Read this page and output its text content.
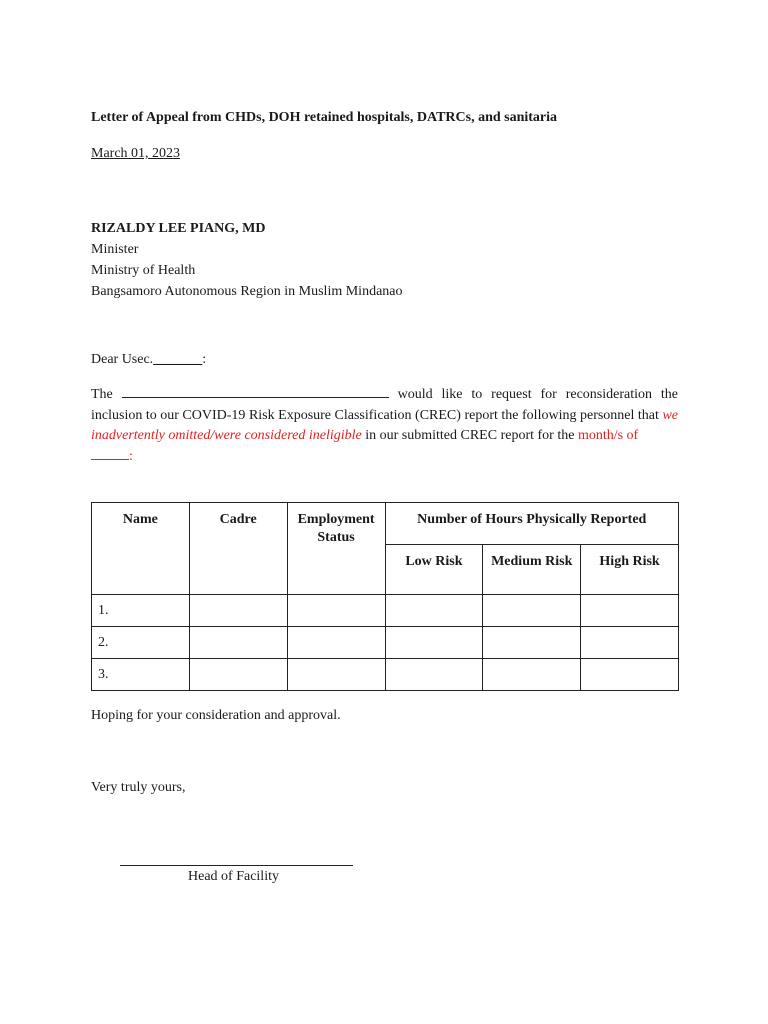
Letter of Appeal from CHDs, DOH retained hospitals, DATRCs, and sanitaria
March 01, 2023
RIZALDY LEE PIANG, MD
Minister
Ministry of Health
Bangsamoro Autonomous Region in Muslim Mindanao
Dear Usec._______:
The	would like to request for reconsideration the inclusion to our COVID-19 Risk Exposure Classification (CREC) report the following personnel that we inadvertently omitted/were considered ineligible in our submitted CREC report for the month/s of
:
Name	Cadre	Employment Status	Number of Hours Physically Reported		
			Low Risk	Medium Risk	High Risk
1.					
2.					
3.					
Hoping for your consideration and approval.
Very truly yours,
Head of Facility
